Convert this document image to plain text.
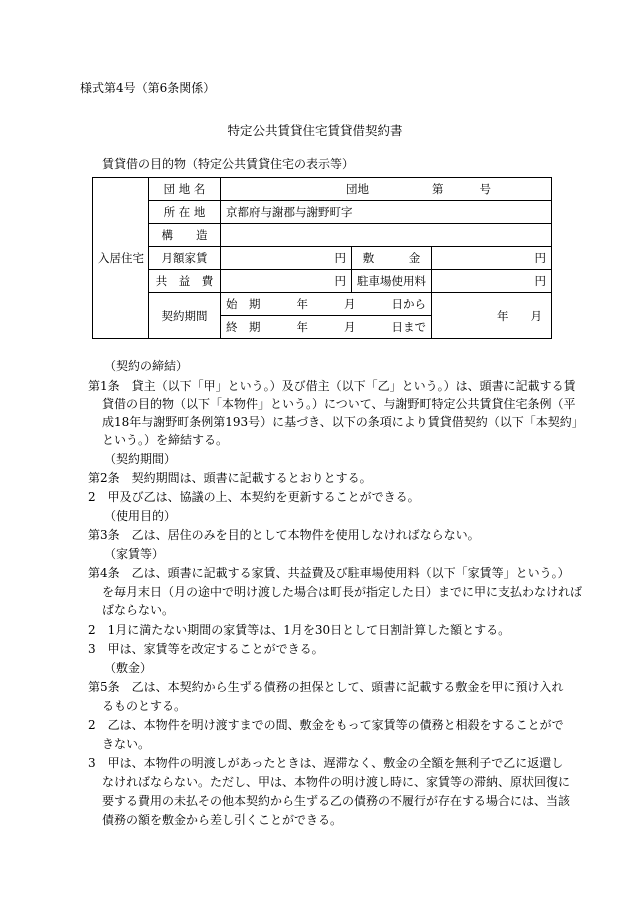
様式第4号（第6条関係）
特定公共賃貸住宅賃貸借契約書
賃貸借の目的物（特定公共賃貸住宅の表示等）
入居住宅	団 地 名	団地 第 号		

	所 在 地	京都府与謝郡与謝野町字		
	構　　造			
	月額家賃	円	敷　　　金	円
	共　益　費	円	駐車場使用料	円
	契約期間	始　期 年 月 日から		年 月

		終　期 年 月 日まで		
（契約の締結）
第1条　貸主（以下「甲」という。）及び借主（以下「乙」という。）は、頭書に記載する賃
貸借の目的物（以下「本物件」という。）について、与謝野町特定公共賃貸住宅条例（平
成18年与謝野町条例第193号）に基づき、以下の条項により賃貸借契約（以下「本契約」
という。）を締結する。
（契約期間）
第2条　契約期間は、頭書に記載するとおりとする。
2　甲及び乙は、協議の上、本契約を更新することができる。
（使用目的）
第3条　乙は、居住のみを目的として本物件を使用しなければならない。
（家賃等）
第4条　乙は、頭書に記載する家賃、共益費及び駐車場使用料（以下「家賃等」という。）
を毎月末日（月の途中で明け渡した場合は町長が指定した日）までに甲に支払わなければ
ばならない。
2　1月に満たない期間の家賃等は、1月を30日として日割計算した額とする。
3　甲は、家賃等を改定することができる。
（敷金）
第5条　乙は、本契約から生ずる債務の担保として、頭書に記載する敷金を甲に預け入れ
るものとする。
2　乙は、本物件を明け渡すまでの間、敷金をもって家賃等の債務と相殺をすることがで
きない。
3　甲は、本物件の明渡しがあったときは、遅滞なく、敷金の全額を無利子で乙に返還し
なければならない。ただし、甲は、本物件の明け渡し時に、家賃等の滞納、原状回復に
要する費用の未払その他本契約から生ずる乙の債務の不履行が存在する場合には、当該
債務の額を敷金から差し引くことができる。
